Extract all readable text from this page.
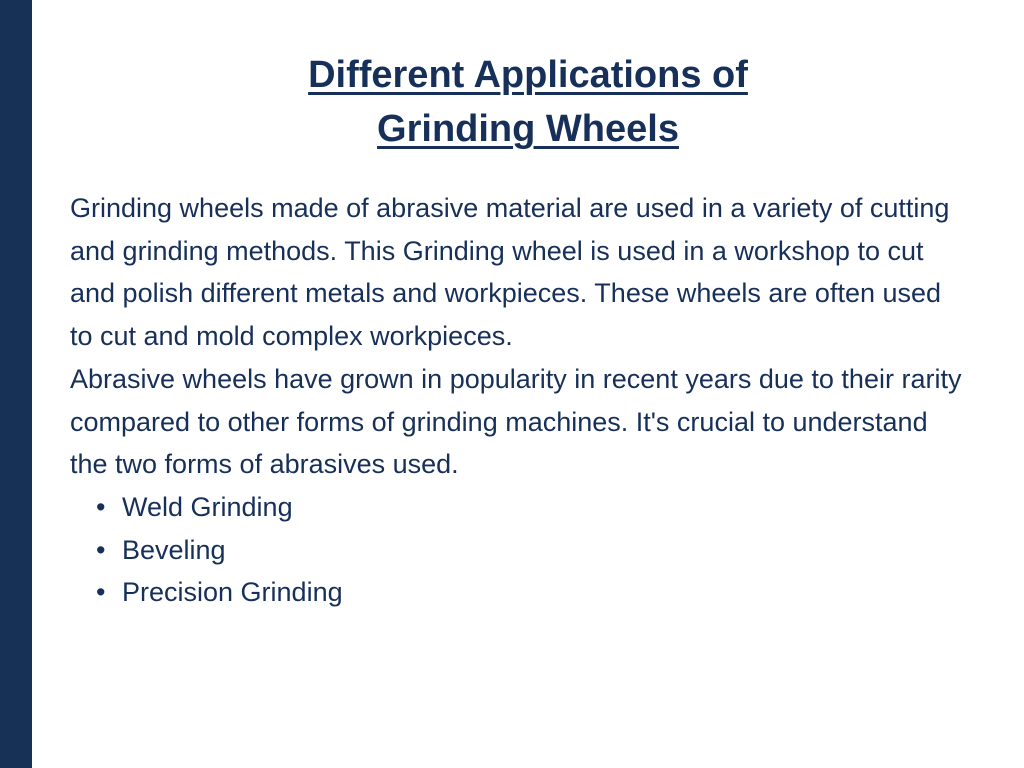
Different Applications of
Grinding Wheels

Grinding wheels made of abrasive material are used in a variety of cutting and grinding methods. This Grinding wheel is used in a workshop to cut and polish different metals and workpieces. These wheels are often used to cut and mold complex workpieces.

Abrasive wheels have grown in popularity in recent years due to their rarity compared to other forms of grinding machines. It's crucial to understand the two forms of abrasives used.

• Weld Grinding
• Beveling
• Precision Grinding
